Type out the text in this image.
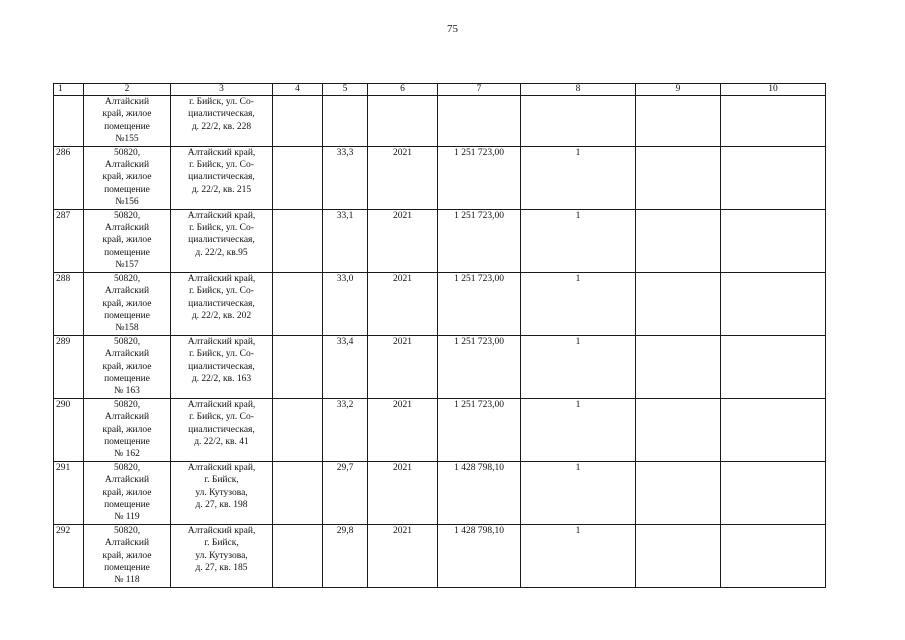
75
1	2	3	4	5	6	7	8	9	10

	Алтайский
край, жилое
помещение
№155	г. Бийск, ул. Со-
циалистическая,
д. 22/2, кв. 228							

286	50820,
Алтайский
край, жилое
помещение
№156	Алтайский край,
г. Бийск, ул. Со-
циалистическая,
д. 22/2, кв. 215		33,3	2021	1 251 723,00	1		
287	50820,
Алтайский
край, жилое
помещение
№157	Алтайский край,
г. Бийск, ул. Со-
циалистическая,
д. 22/2, кв.95		33,1	2021	1 251 723,00	1		
288	50820,
Алтайский
край, жилое
помещение
№158	Алтайский край,
г. Бийск, ул. Со-
циалистическая,
д. 22/2, кв. 202		33,0	2021	1 251 723,00	1		
289	50820,
Алтайский
край, жилое
помещение
№ 163	Алтайский край,
г. Бийск, ул. Со-
циалистическая,
д. 22/2, кв. 163		33,4	2021	1 251 723,00	1		
290	50820,
Алтайский
край, жилое
помещение
№ 162	Алтайский край,
г. Бийск, ул. Со-
циалистическая,
д. 22/2, кв. 41		33,2	2021	1 251 723,00	1		
291	50820,
Алтайский
край, жилое
помещение
№ 119	Алтайский край,
г. Бийск,
ул. Кутузова,
д. 27, кв. 198		29,7	2021	1 428 798,10	1		
292	50820,
Алтайский
край, жилое
помещение
№ 118	Алтайский край,
г. Бийск,
ул. Кутузова,
д. 27, кв. 185		29,8	2021	1 428 798,10	1		
